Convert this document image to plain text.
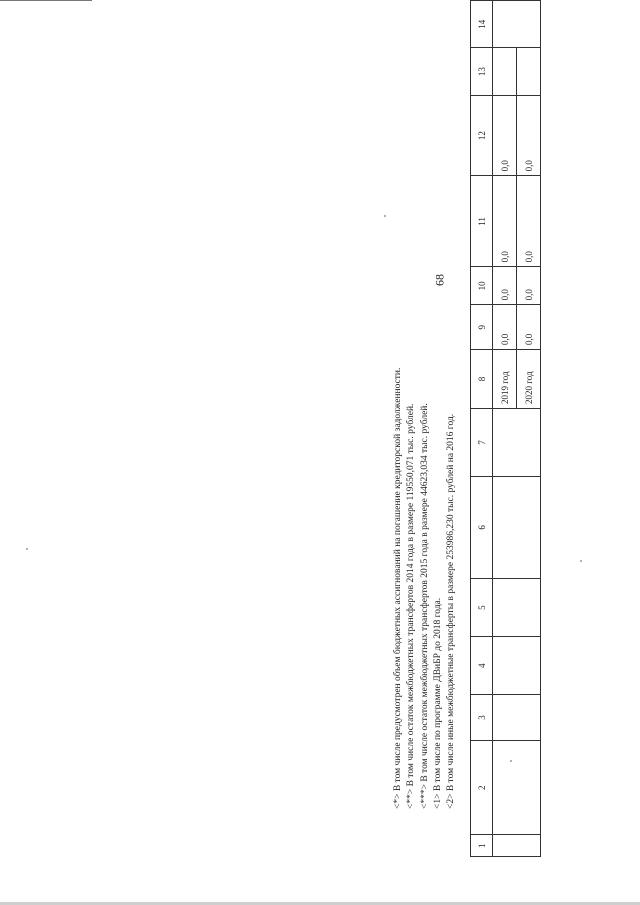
68
1	2	3	4	5	6	7	8	9	10	11	12	13	14
							2019 год	0,0	0,0	0,0	0,0		
							2020 год	0,0	0,0	0,0	0,0		
<*> В том числе предусмотрен объем бюджетных ассигнований на погашение кредиторской задолженности. <**> В том числе остаток межбюджетных трансфертов 2014 года в размере 119550,071 тыс. рублей. <***> В том числе остаток межбюджетных трансфертов 2015 года в размере 44623,034 тыс. рублей. <1> В том числе по программе ДВиБР до 2018 года. <2> В том числе иные межбюджетные трансферты в размере 253986,230 тыс. рублей на 2016 год.
